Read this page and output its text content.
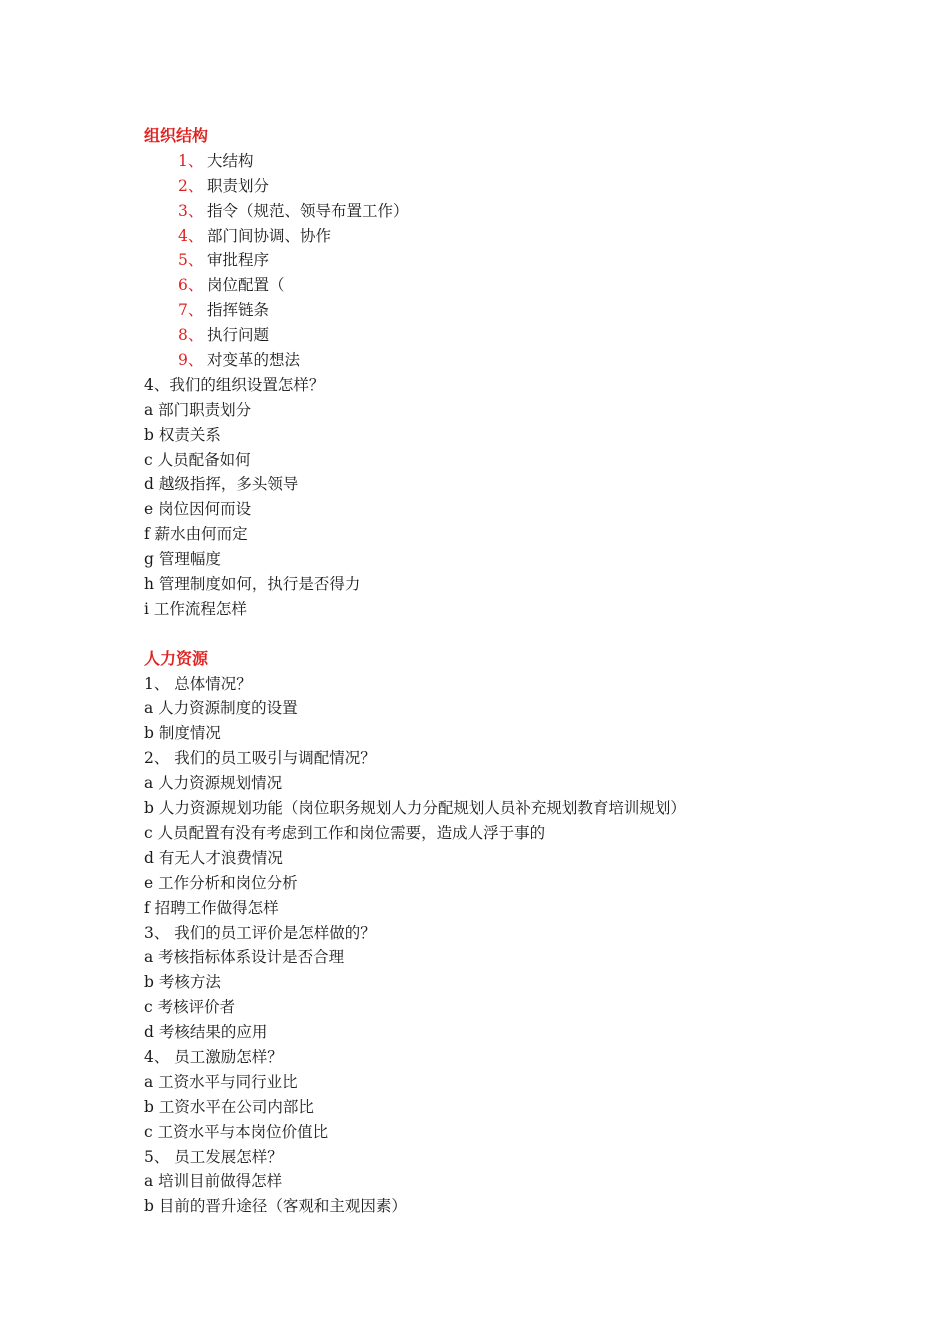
组织结构
1、 大结构
2、 职责划分
3、 指令（规范、领导布置工作）
4、 部门间协调、协作
5、 审批程序
6、 岗位配置（
7、 指挥链条
8、 执行问题
9、 对变革的想法
4、我们的组织设置怎样？
a 部门职责划分
b 权责关系
c 人员配备如何
d 越级指挥，多头领导
e 岗位因何而设
f 薪水由何而定
g 管理幅度
h 管理制度如何，执行是否得力
i 工作流程怎样
人力资源
1、 总体情况？
a 人力资源制度的设置
b 制度情况
2、 我们的员工吸引与调配情况？
a 人力资源规划情况
b 人力资源规划功能（岗位职务规划人力分配规划人员补充规划教育培训规划）
c 人员配置有没有考虑到工作和岗位需要，造成人浮于事的
d 有无人才浪费情况
e 工作分析和岗位分析
f 招聘工作做得怎样
3、 我们的员工评价是怎样做的？
a 考核指标体系设计是否合理
b 考核方法
c 考核评价者
d 考核结果的应用
4、 员工激励怎样？
a 工资水平与同行业比
b 工资水平在公司内部比
c 工资水平与本岗位价值比
5、 员工发展怎样？
a 培训目前做得怎样
b 目前的晋升途径（客观和主观因素）
